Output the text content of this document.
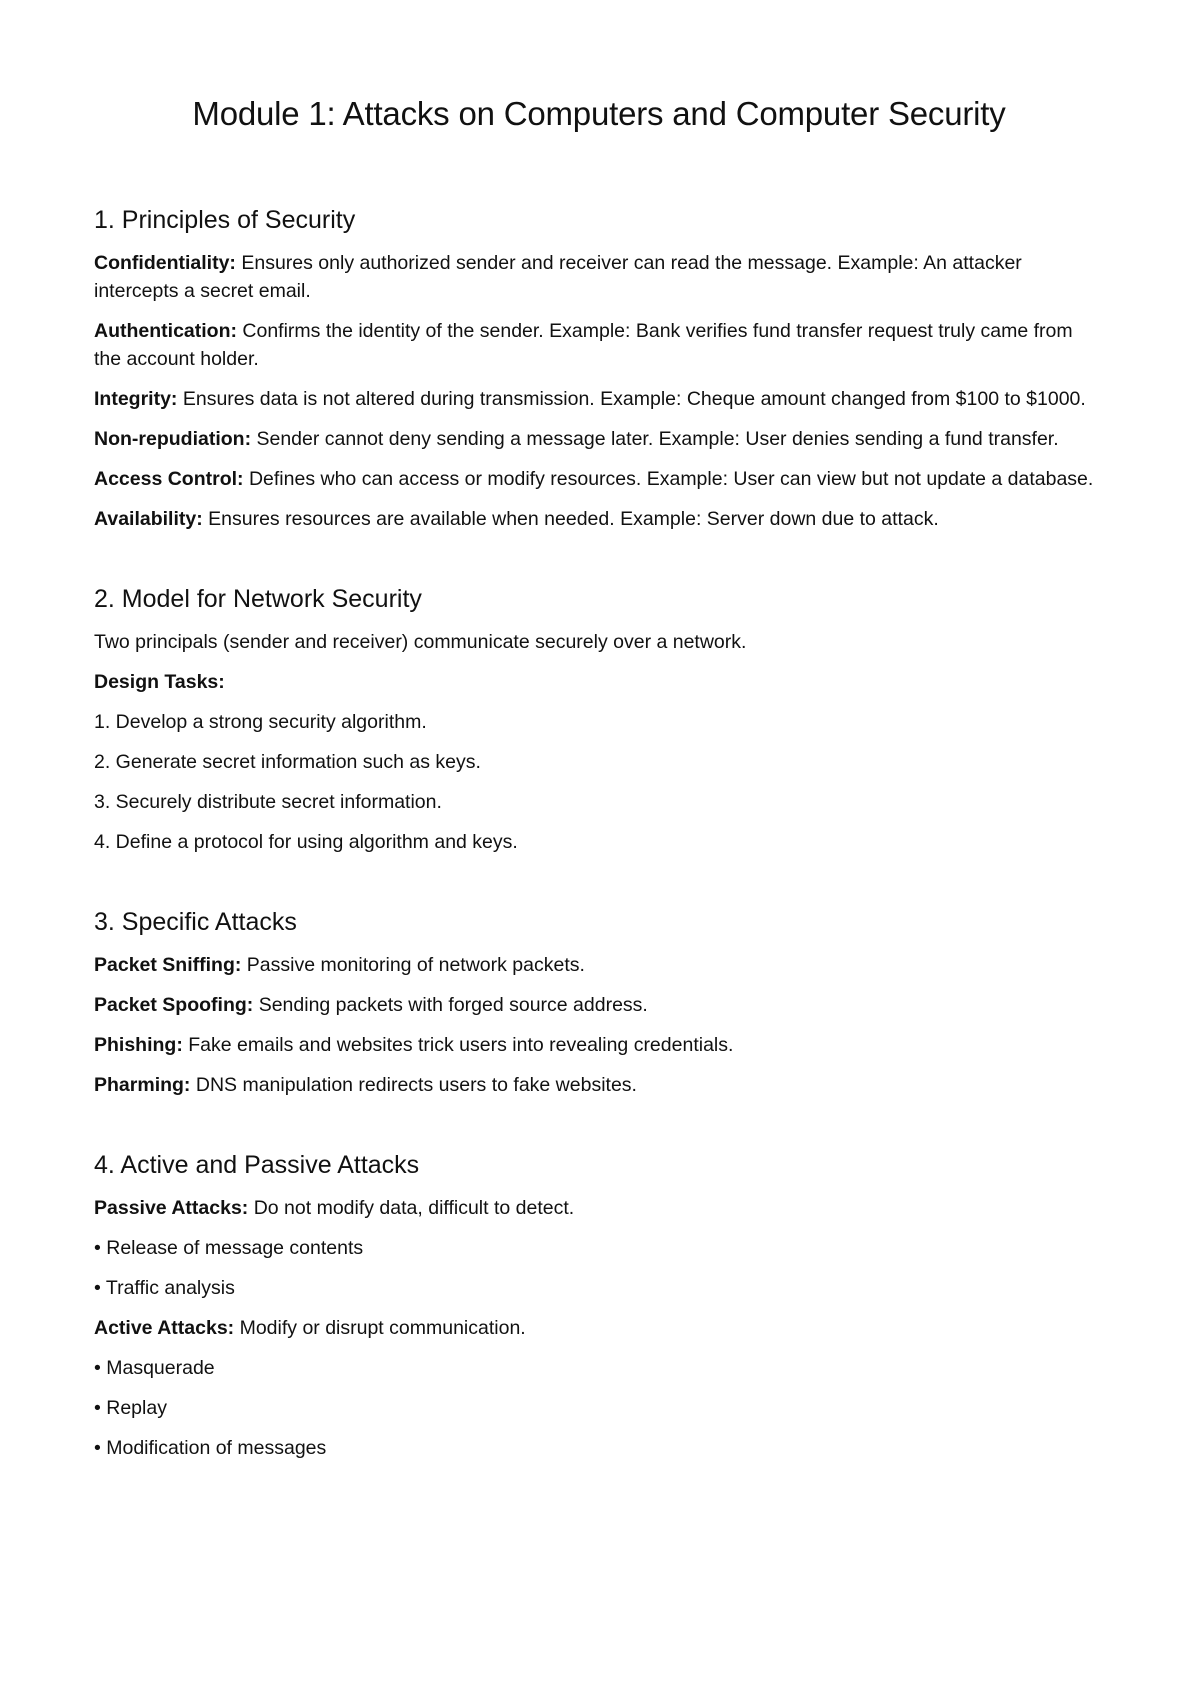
Module 1: Attacks on Computers and Computer Security
1. Principles of Security

Confidentiality: Ensures only authorized sender and receiver can read the message. Example: An attacker intercepts a secret email.

Authentication: Confirms the identity of the sender. Example: Bank verifies fund transfer request truly came from the account holder.

Integrity: Ensures data is not altered during transmission. Example: Cheque amount changed from $100 to $1000.

Non-repudiation: Sender cannot deny sending a message later. Example: User denies sending a fund transfer.

Access Control: Defines who can access or modify resources. Example: User can view but not update a database.

Availability: Ensures resources are available when needed. Example: Server down due to attack.

2. Model for Network Security

Two principals (sender and receiver) communicate securely over a network.

Design Tasks:

1. Develop a strong security algorithm.

2. Generate secret information such as keys.

3. Securely distribute secret information.

4. Define a protocol for using algorithm and keys.

3. Specific Attacks

Packet Sniffing: Passive monitoring of network packets.

Packet Spoofing: Sending packets with forged source address.

Phishing: Fake emails and websites trick users into revealing credentials.

Pharming: DNS manipulation redirects users to fake websites.

4. Active and Passive Attacks

Passive Attacks: Do not modify data, difficult to detect.

• Release of message contents

• Traffic analysis

Active Attacks: Modify or disrupt communication.

• Masquerade

• Replay

• Modification of messages
